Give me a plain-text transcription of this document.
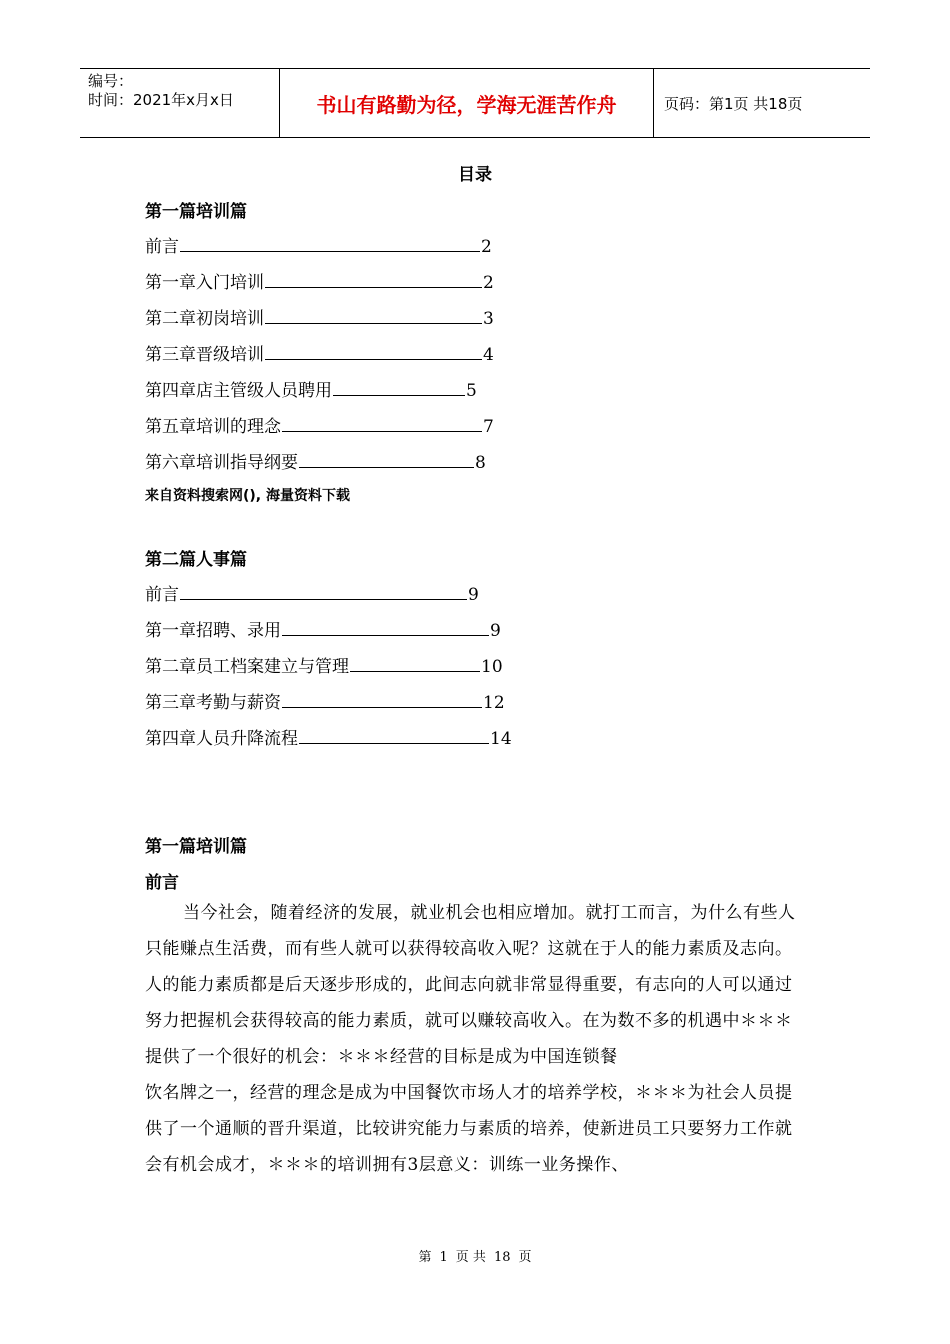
编号：
时间：2021年x月x日	书山有路勤为径，学海无涯苦作舟	页码：第1页 共18页
目录
第一篇培训篇
前言	2
第一章入门培训	2
第二章初岗培训	3
第三章晋级培训	4
第四章店主管级人员聘用	5
第五章培训的理念	7
第六章培训指导纲要	8
来自资料搜索网(), 海量资料下载
第二篇人事篇
前言	9
第一章招聘、录用	9
第二章员工档案建立与管理	10
第三章考勤与薪资	12
第四章人员升降流程	14
第一篇培训篇
前言

当今社会，随着经济的发展，就业机会也相应增加。就打工而言，为什么有些人只能赚点生活费，而有些人就可以获得较高收入呢？这就在于人的能力素质及志向。人的能力素质都是后天逐步形成的，此间志向就非常显得重要，有志向的人可以通过努力把握机会获得较高的能力素质，就可以赚较高收入。在为数不多的机遇中＊＊＊提供了一个很好的机会：＊＊＊经营的目标是成为中国连锁餐

饮名牌之一，经营的理念是成为中国餐饮市场人才的培养学校，＊＊＊为社会人员提供了一个通顺的晋升渠道，比较讲究能力与素质的培养，使新进员工只要努力工作就会有机会成才，＊＊＊的培训拥有3层意义：训练一业务操作、

第 1 页 共 18 页
